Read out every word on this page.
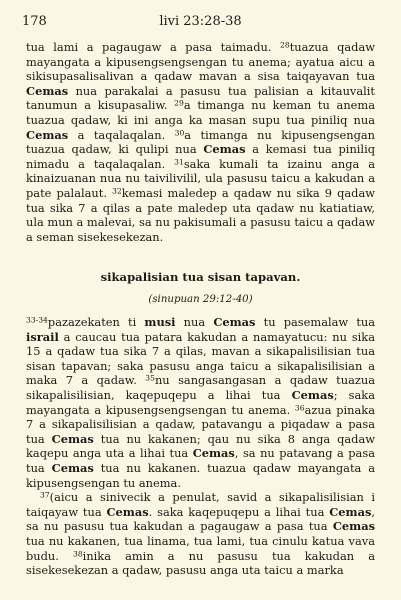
178	livi 23:28-38
tua lami a pagaugaw a pasa taimadu. $^{28}$tuazua qadaw mayangata a kipusengsengsengan tu anema; ayatua aicu a sikisupasalisalivan a qadaw mavan a sisa taiqayavan tua Cemas nua parakalai a pasusu tua palisian a kitauvalit tanumun a kisupasaliw. $^{29}$a timanga nu keman tu anema tuazua qadaw, ki ini anga ka masan supu tua piniliq nua Cemas a taqalaqalan. $^{30}$a timanga nu kipusengsengan tuazua qadaw, ki qulipi nua Cemas a kemasi tua piniliq nimadu a taqalaqalan. $^{31}$saka kumali ta izainu anga a kinaizuanan nua nu taivilivilil, ula pasusu taicu a kakudan a pate palalaut. $^{32}$kemasi maledep a qadaw nu sika 9 qadaw tua sika 7 a qilas a pate maledep uta qadaw nu katiatiaw, ula mun a malevai, sa nu pakisumali a pasusu taicu a qadaw a seman sisekesekezan.
sikapalisian tua sisan tapavan.
(sinupuan 29:12-40)
$^{33-34}$pazazekaten ti musi nua Cemas tu pasemalaw tua israil a caucau tua patara kakudan a namayatucu: nu sika 15 a qadaw tua sika 7 a qilas, mavan a sikapalisilisian tua sisan tapavan; saka pasusu anga taicu a sikapalisilisian a maka 7 a qadaw. $^{35}$nu sangasangasan a qadaw tuazua sikapalisilisian, kaqepuqepu a lihai tua Cemas; saka mayangata a kipusengsengsengan tu anema. $^{36}$azua pinaka 7 a sikapalisilisian a qadaw, patavangu a piqadaw a pasa tua Cemas tua nu kakanen; qau nu sika 8 anga qadaw kaqepu anga uta a lihai tua Cemas, sa nu patavang a pasa tua Cemas tua nu kakanen. tuazua qadaw mayangata a kipusengsengan tu anema.
$^{37}$(aicu a sinivecik a penulat, savid a sikapalisilisian i taiqayaw tua Cemas. saka kaqepuqepu a lihai tua Cemas, sa nu pasusu tua kakudan a pagaugaw a pasa tua Cemas tua nu kakanen, tua linama, tua lami, tua cinulu katua vava budu. $^{38}$inika amin a nu pasusu tua kakudan a sisekesekezan a qadaw, pasusu anga uta taicu a marka
